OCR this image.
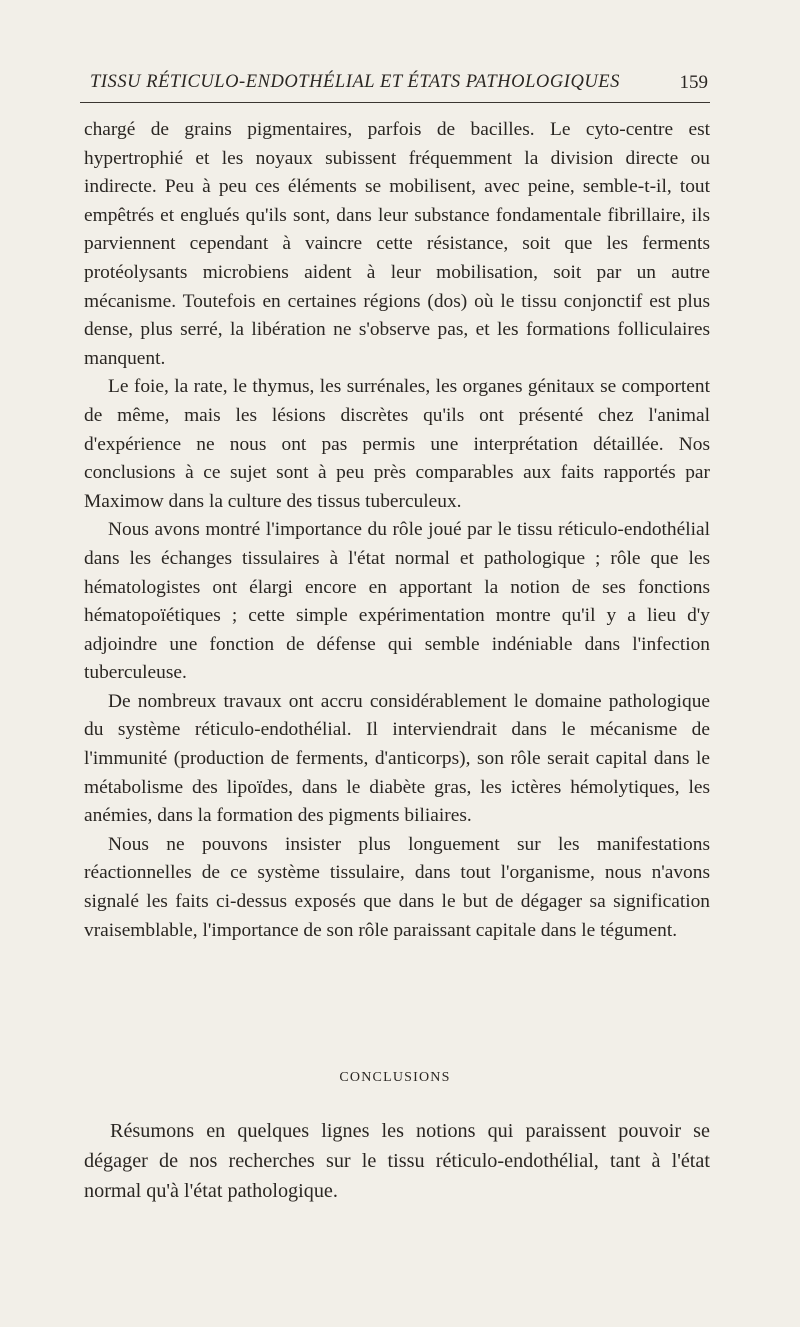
TISSU RÉTICULO-ENDOTHÉLIAL ET ÉTATS PATHOLOGIQUES	159

chargé de grains pigmentaires, parfois de bacilles. Le cyto-centre est hypertrophié et les noyaux subissent fréquemment la division directe ou indirecte. Peu à peu ces éléments se mobilisent, avec peine, semble-t-il, tout empêtrés et englués qu'ils sont, dans leur substance fondamentale fibrillaire, ils parviennent cependant à vaincre cette résistance, soit que les ferments protéolysants microbiens aident à leur mobilisation, soit par un autre mécanisme. Toutefois en certaines régions (dos) où le tissu conjonctif est plus dense, plus serré, la libération ne s'observe pas, et les formations folliculaires manquent.

Le foie, la rate, le thymus, les surrénales, les organes génitaux se comportent de même, mais les lésions discrètes qu'ils ont présenté chez l'animal d'expérience ne nous ont pas permis une interprétation détaillée. Nos conclusions à ce sujet sont à peu près comparables aux faits rapportés par Maximow dans la culture des tissus tuberculeux.

Nous avons montré l'importance du rôle joué par le tissu réticulo-endothélial dans les échanges tissulaires à l'état normal et pathologique ; rôle que les hématologistes ont élargi encore en apportant la notion de ses fonctions hématopoïétiques ; cette simple expérimentation montre qu'il y a lieu d'y adjoindre une fonction de défense qui semble indéniable dans l'infection tuberculeuse.

De nombreux travaux ont accru considérablement le domaine pathologique du système réticulo-endothélial. Il interviendrait dans le mécanisme de l'immunité (production de ferments, d'anticorps), son rôle serait capital dans le métabolisme des lipoïdes, dans le diabète gras, les ictères hémolytiques, les anémies, dans la formation des pigments biliaires.

Nous ne pouvons insister plus longuement sur les manifestations réactionnelles de ce système tissulaire, dans tout l'organisme, nous n'avons signalé les faits ci-dessus exposés que dans le but de dégager sa signification vraisemblable, l'importance de son rôle paraissant capitale dans le tégument.

CONCLUSIONS

Résumons en quelques lignes les notions qui paraissent pouvoir se dégager de nos recherches sur le tissu réticulo-endothélial, tant à l'état normal qu'à l'état pathologique.
